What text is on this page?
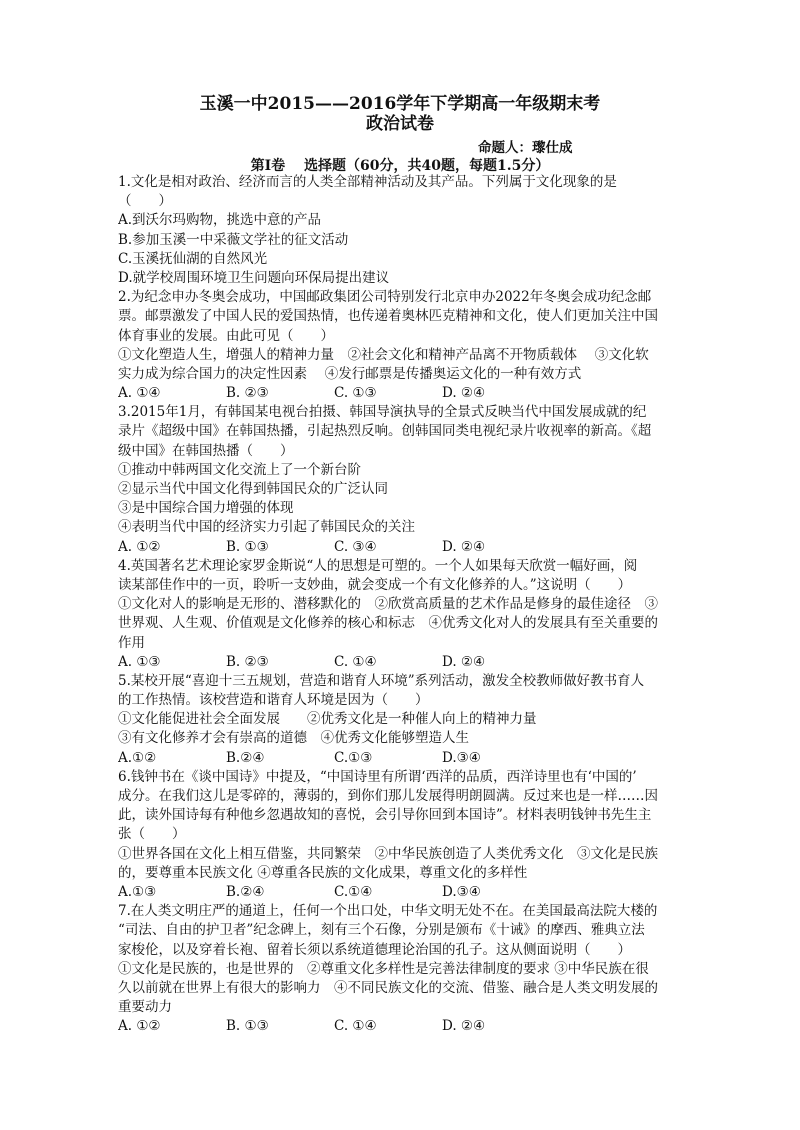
玉溪一中2015——2016学年下学期高一年级期末考
政治试卷
命题人：瓈仕成
第Ⅰ卷　 选择题（60分，共40题，每题1.5分）
1.文化是相对政治、经济而言的人类全部精神活动及其产品。下列属于文化现象的是
（　　）
A.到沃尔玛购物，挑选中意的产品
B.参加玉溪一中采薇文学社的征文活动
C.玉溪抚仙湖的自然风光
D.就学校周围环境卫生问题向环保局提出建议
2.为纪念申办冬奥会成功，中国邮政集团公司特别发行北京申办2022年冬奥会成功纪念邮
票。邮票激发了中国人民的爱国热情，也传递着奥林匹克精神和文化，使人们更加关注中国
体育事业的发展。由此可见（　　）
①文化塑造人生，增强人的精神力量　②社会文化和精神产品离不开物质载体　 ③文化软
实力成为综合国力的决定性因素　 ④发行邮票是传播奥运文化的一种有效方式
A. ①④	B. ②③	C. ①③	D. ②④
3.2015年1月，有韩国某电视台拍摄、韩国导演执导的全景式反映当代中国发展成就的纪
录片《超级中国》在韩国热播，引起热烈反响。创韩国同类电视纪录片收视率的新高。《超
级中国》在韩国热播（　　）
①推动中韩两国文化交流上了一个新台阶
②显示当代中国文化得到韩国民众的广泛认同
③是中国综合国力增强的体现
④表明当代中国的经济实力引起了韩国民众的关注
A. ①②	B. ①③	C. ③④	D. ②④
4.英国著名艺术理论家罗金斯说“人的思想是可塑的。一个人如果每天欣赏一幅好画，阅
读某部佳作中的一页，聆听一支妙曲，就会变成一个有文化修养的人。”这说明（　　）
①文化对人的影响是无形的、潜移默化的　②欣赏高质量的艺术作品是修身的最佳途径　③
世界观、人生观、价值观是文化修养的核心和标志　④优秀文化对人的发展具有至关重要的
作用
A. ①③	B. ②③	C. ①④	D. ②④
5.某校开展“喜迎十三五规划，营造和谐育人环境”系列活动，激发全校教师做好教书育人
的工作热情。该校营造和谐育人环境是因为（　　）
①文化能促进社会全面发展　　②优秀文化是一种催人向上的精神力量
③有文化修养才会有崇高的道德　④优秀文化能够塑造人生
A.①②	B.②④	C.①③	D.③④
6.钱钟书在《谈中国诗》中提及，“中国诗里有所谓‘西洋的品质，西洋诗里也有‘中国的’
成分。在我们这儿是零碎的，薄弱的，到你们那儿发展得明朗圆满。反过来也是一样……因
此，读外国诗每有种他乡忽遇故知的喜悦，会引导你回到本国诗”。材料表明钱钟书先生主
张（　　）
①世界各国在文化上相互借鉴，共同繁荣　②中华民族创造了人类优秀文化　③文化是民族
的，要尊重本民族文化 ④尊重各民族的文化成果，尊重文化的多样性
A.①③	B.②④	C.①④	D.③④
7.在人类文明庄严的通道上，任何一个出口处，中华文明无处不在。在美国最高法院大楼的
“司法、自由的护卫者”纪念碑上，刻有三个石像，分别是颁布《十诫》的摩西、雅典立法
家梭伦，以及穿着长袍、留着长须以系统道德理论治国的孔子。这从侧面说明（　　）
①文化是民族的，也是世界的　②尊重文化多样性是完善法律制度的要求 ③中华民族在很
久以前就在世界上有很大的影响力　④不同民族文化的交流、借鉴、融合是人类文明发展的
重要动力
A. ①②	B. ①③	C. ①④	D. ②④
